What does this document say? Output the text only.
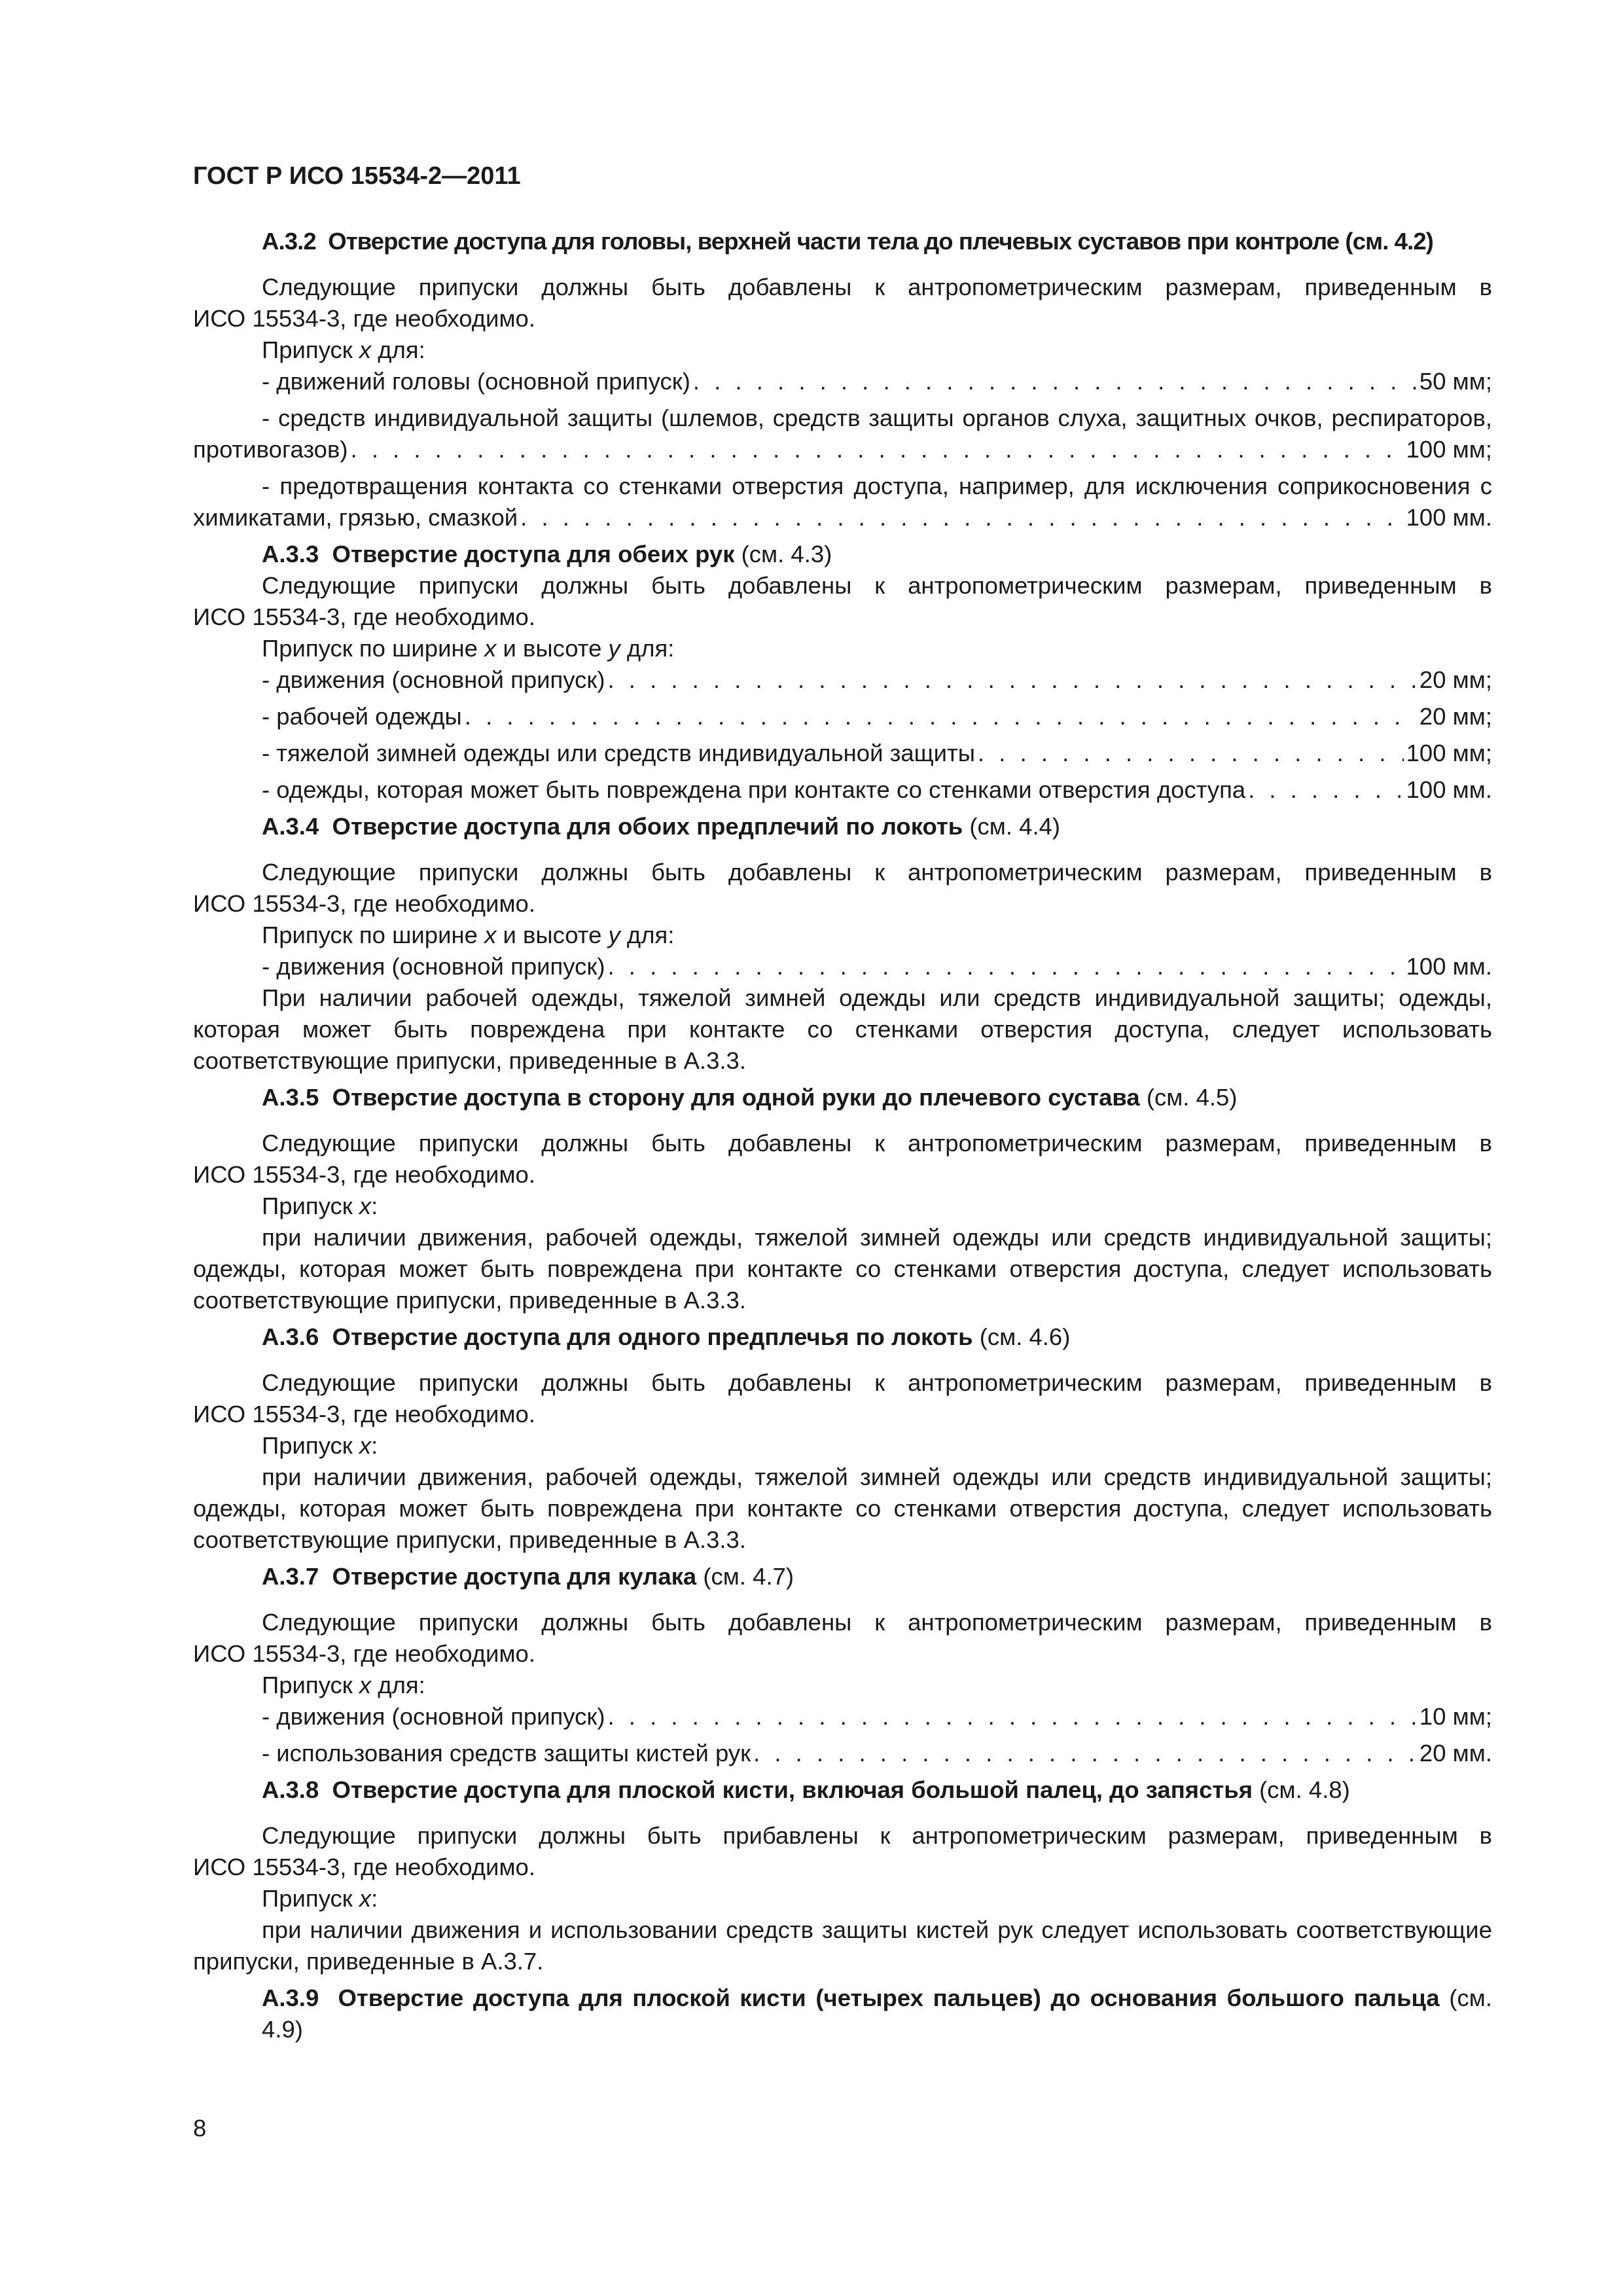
ГОСТ Р ИСО 15534-2—2011

А.3.2 Отверстие доступа для головы, верхней части тела до плечевых суставов при контроле (см. 4.2)

Следующие припуски должны быть добавлены к антропометрическим размерам, приведенным в

ИСО 15534-3, где необходимо.

Припуск х для:

- движений головы (основной припуск) . . .	50 мм;

- средств индивидуальной защиты (шлемов, средств защиты органов слуха, защитных очков, респираторов,

противогазов) . . .	100 мм;

- предотвращения контакта со стенками отверстия доступа, например, для исключения соприкосновения с

химикатами, грязью, смазкой . . .	100 мм.

А.3.3 Отверстие доступа для обеих рук (см. 4.3)

Следующие припуски должны быть добавлены к антропометрическим размерам, приведенным в

ИСО 15534-3, где необходимо.

Припуск по ширине х и высоте у для:

- движения (основной припуск) . . .	20 мм;
- рабочей одежды . . .	20 мм;
- тяжелой зимней одежды или средств индивидуальной защиты . . .	100 мм;
- одежды, которая может быть повреждена при контакте со стенками отверстия доступа . . .	100 мм.

А.3.4 Отверстие доступа для обоих предплечий по локоть (см. 4.4)

Следующие припуски должны быть добавлены к антропометрическим размерам, приведенным в

ИСО 15534-3, где необходимо.

Припуск по ширине х и высоте у для:

- движения (основной припуск) . . .	100 мм.

При наличии рабочей одежды, тяжелой зимней одежды или средств индивидуальной защиты; одежды, которая может быть повреждена при контакте со стенками отверстия доступа, следует использовать соответствующие припуски, приведенные в А.3.3.

А.3.5 Отверстие доступа в сторону для одной руки до плечевого сустава (см. 4.5)

Следующие припуски должны быть добавлены к антропометрическим размерам, приведенным в

ИСО 15534-3, где необходимо.

Припуск х:

при наличии движения, рабочей одежды, тяжелой зимней одежды или средств индивидуальной защиты; одежды, которая может быть повреждена при контакте со стенками отверстия доступа, следует использовать соответствующие припуски, приведенные в А.3.3.

А.3.6 Отверстие доступа для одного предплечья по локоть (см. 4.6)

Следующие припуски должны быть добавлены к антропометрическим размерам, приведенным в

ИСО 15534-3, где необходимо.

Припуск х:

при наличии движения, рабочей одежды, тяжелой зимней одежды или средств индивидуальной защиты; одежды, которая может быть повреждена при контакте со стенками отверстия доступа, следует использовать соответствующие припуски, приведенные в А.3.3.

А.3.7 Отверстие доступа для кулака (см. 4.7)

Следующие припуски должны быть добавлены к антропометрическим размерам, приведенным в

ИСО 15534-3, где необходимо.

Припуск х для:

- движения (основной припуск) . . .	10 мм;
- использования средств защиты кистей рук . . .	20 мм.

А.3.8 Отверстие доступа для плоской кисти, включая большой палец, до запястья (см. 4.8)

Следующие припуски должны быть прибавлены к антропометрическим размерам, приведенным в

ИСО 15534-3, где необходимо.

Припуск х:

при наличии движения и использовании средств защиты кистей рук следует использовать соответствующие припуски, приведенные в А.3.7.

А.3.9 Отверстие доступа для плоской кисти (четырех пальцев) до основания большого пальца (см. 4.9)

8
